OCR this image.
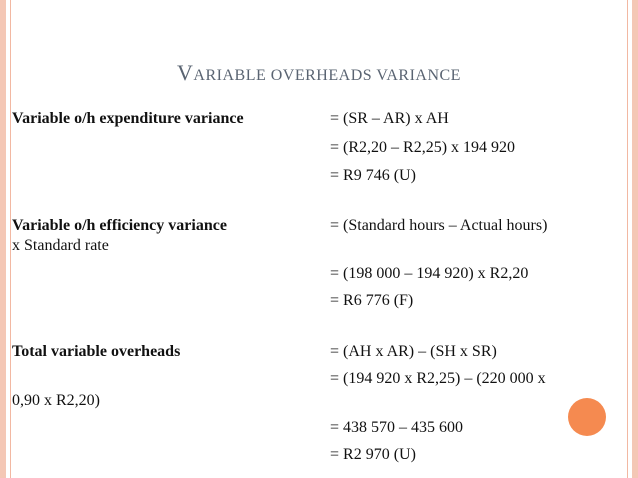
VARIABLE OVERHEADS VARIANCE
Variable o/h expenditure variance	= (SR – AR) x AH
= (R2,20 – R2,25) x 194 920
= R9 746 (U)
Variable o/h efficiency variance	= (Standard hours – Actual hours)
x Standard rate
= (198 000 – 194 920) x R2,20
= R6 776 (F)
Total variable overheads	= (AH x AR) – (SH x SR)
= (194 920 x R2,25) – (220 000 x
0,90 x R2,20)
= 438 570 – 435 600
= R2 970 (U)
